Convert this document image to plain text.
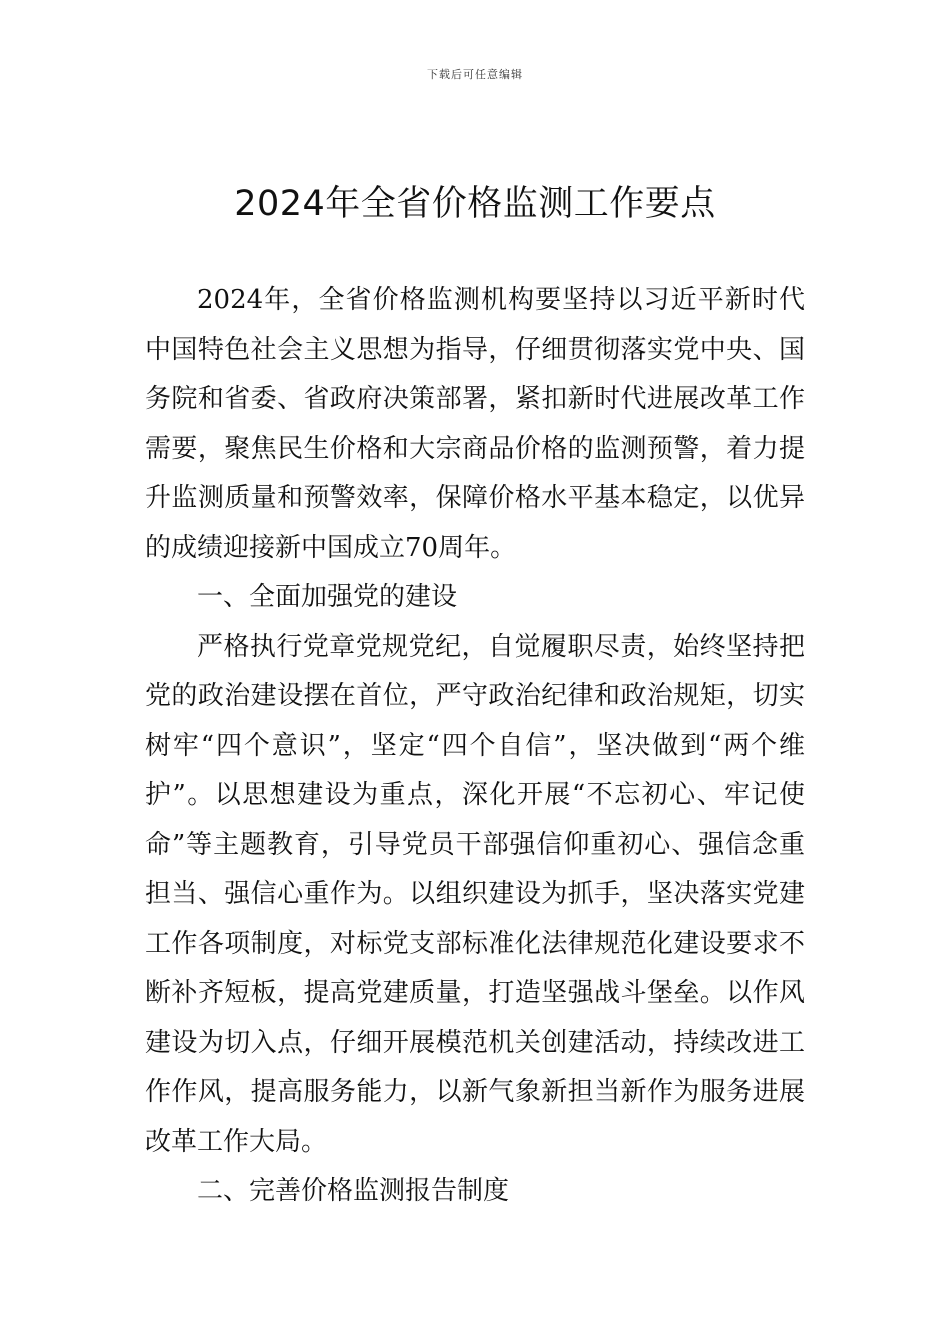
下载后可任意编辑
2024年全省价格监测工作要点

2024年，全省价格监测机构要坚持以习近平新时代中国特色社会主义思想为指导，仔细贯彻落实党中央、国务院和省委、省政府决策部署，紧扣新时代进展改革工作需要，聚焦民生价格和大宗商品价格的监测预警，着力提升监测质量和预警效率，保障价格水平基本稳定，以优异的成绩迎接新中国成立70周年。

一、全面加强党的建设

严格执行党章党规党纪，自觉履职尽责，始终坚持把党的政治建设摆在首位，严守政治纪律和政治规矩，切实树牢“四个意识”，坚定“四个自信”，坚决做到“两个维护”。以思想建设为重点，深化开展“不忘初心、牢记使命”等主题教育，引导党员干部强信仰重初心、强信念重担当、强信心重作为。以组织建设为抓手，坚决落实党建工作各项制度，对标党支部标准化法律规范化建设要求不断补齐短板，提高党建质量，打造坚强战斗堡垒。以作风建设为切入点，仔细开展模范机关创建活动，持续改进工作作风，提高服务能力，以新气象新担当新作为服务进展改革工作大局。

二、完善价格监测报告制度
